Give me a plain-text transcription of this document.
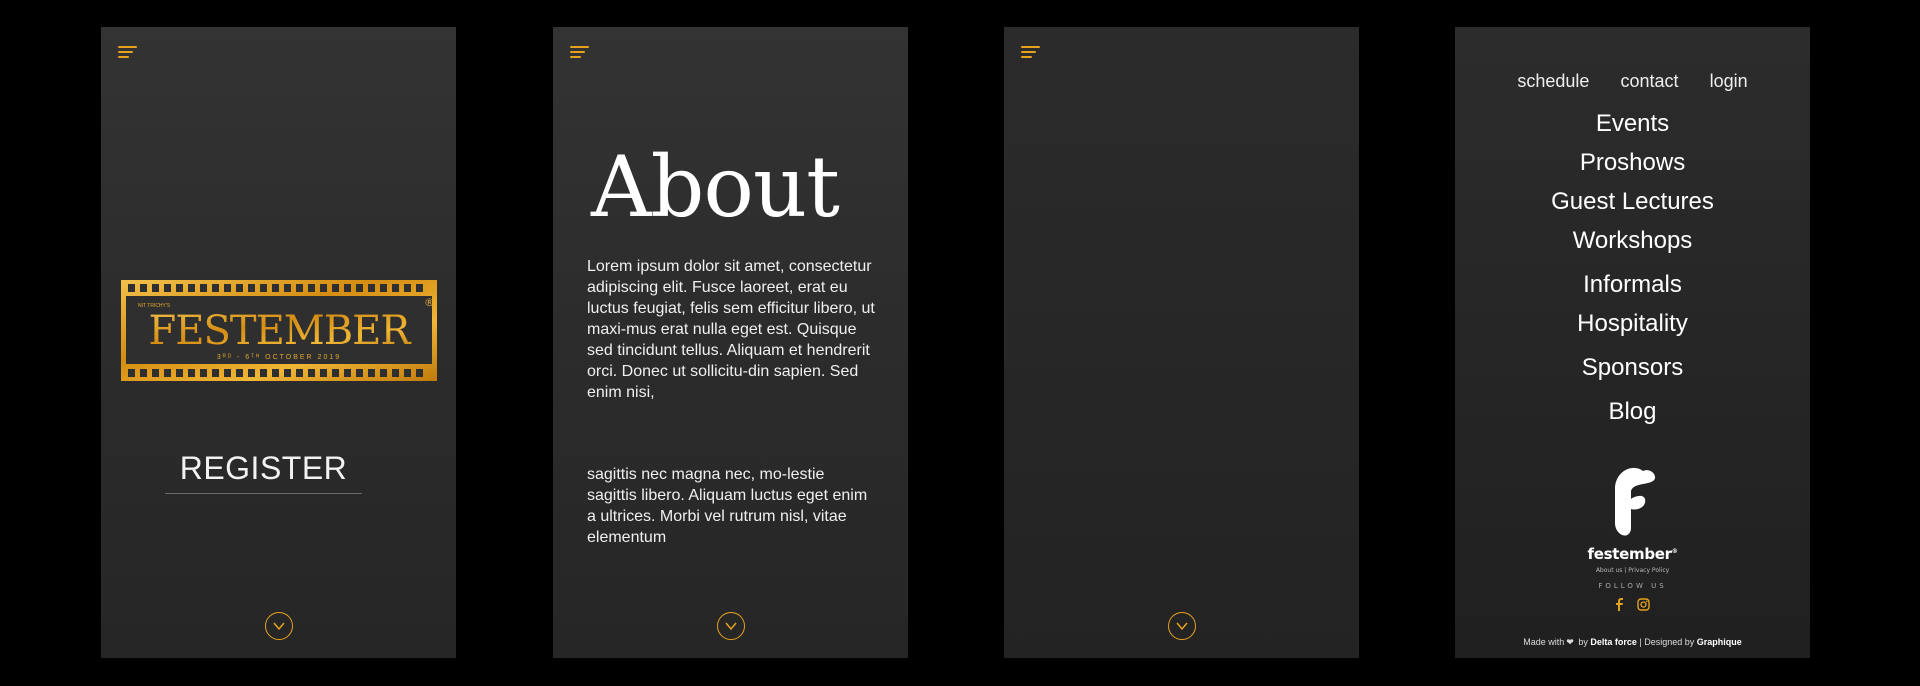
NIT TRICHY'S
FESTEMBER
®
3ᴿᴰ - 6ᵀᴴ OCTOBER 2019
REGISTER
About

Lorem ipsum dolor sit amet, consectetur adipiscing elit. Fusce laoreet, erat eu luctus feugiat, felis sem efficitur libero, ut maxi-mus erat nulla eget est. Quisque sed tincidunt tellus. Aliquam et hendrerit orci. Donec ut sollicitu-din sapien. Sed enim nisi,

sagittis nec magna nec, mo-lestie sagittis libero. Aliquam luctus eget enim a ultrices. Morbi vel rutrum nisl, vitae elementum

schedule contact login
Events
Proshows
Guest Lectures
Workshops
Informals
Hospitality
Sponsors
Blog
festember®
About us | Privacy Policy
FOLLOW US

Made with ❤ by Delta force | Designed by Graphique
